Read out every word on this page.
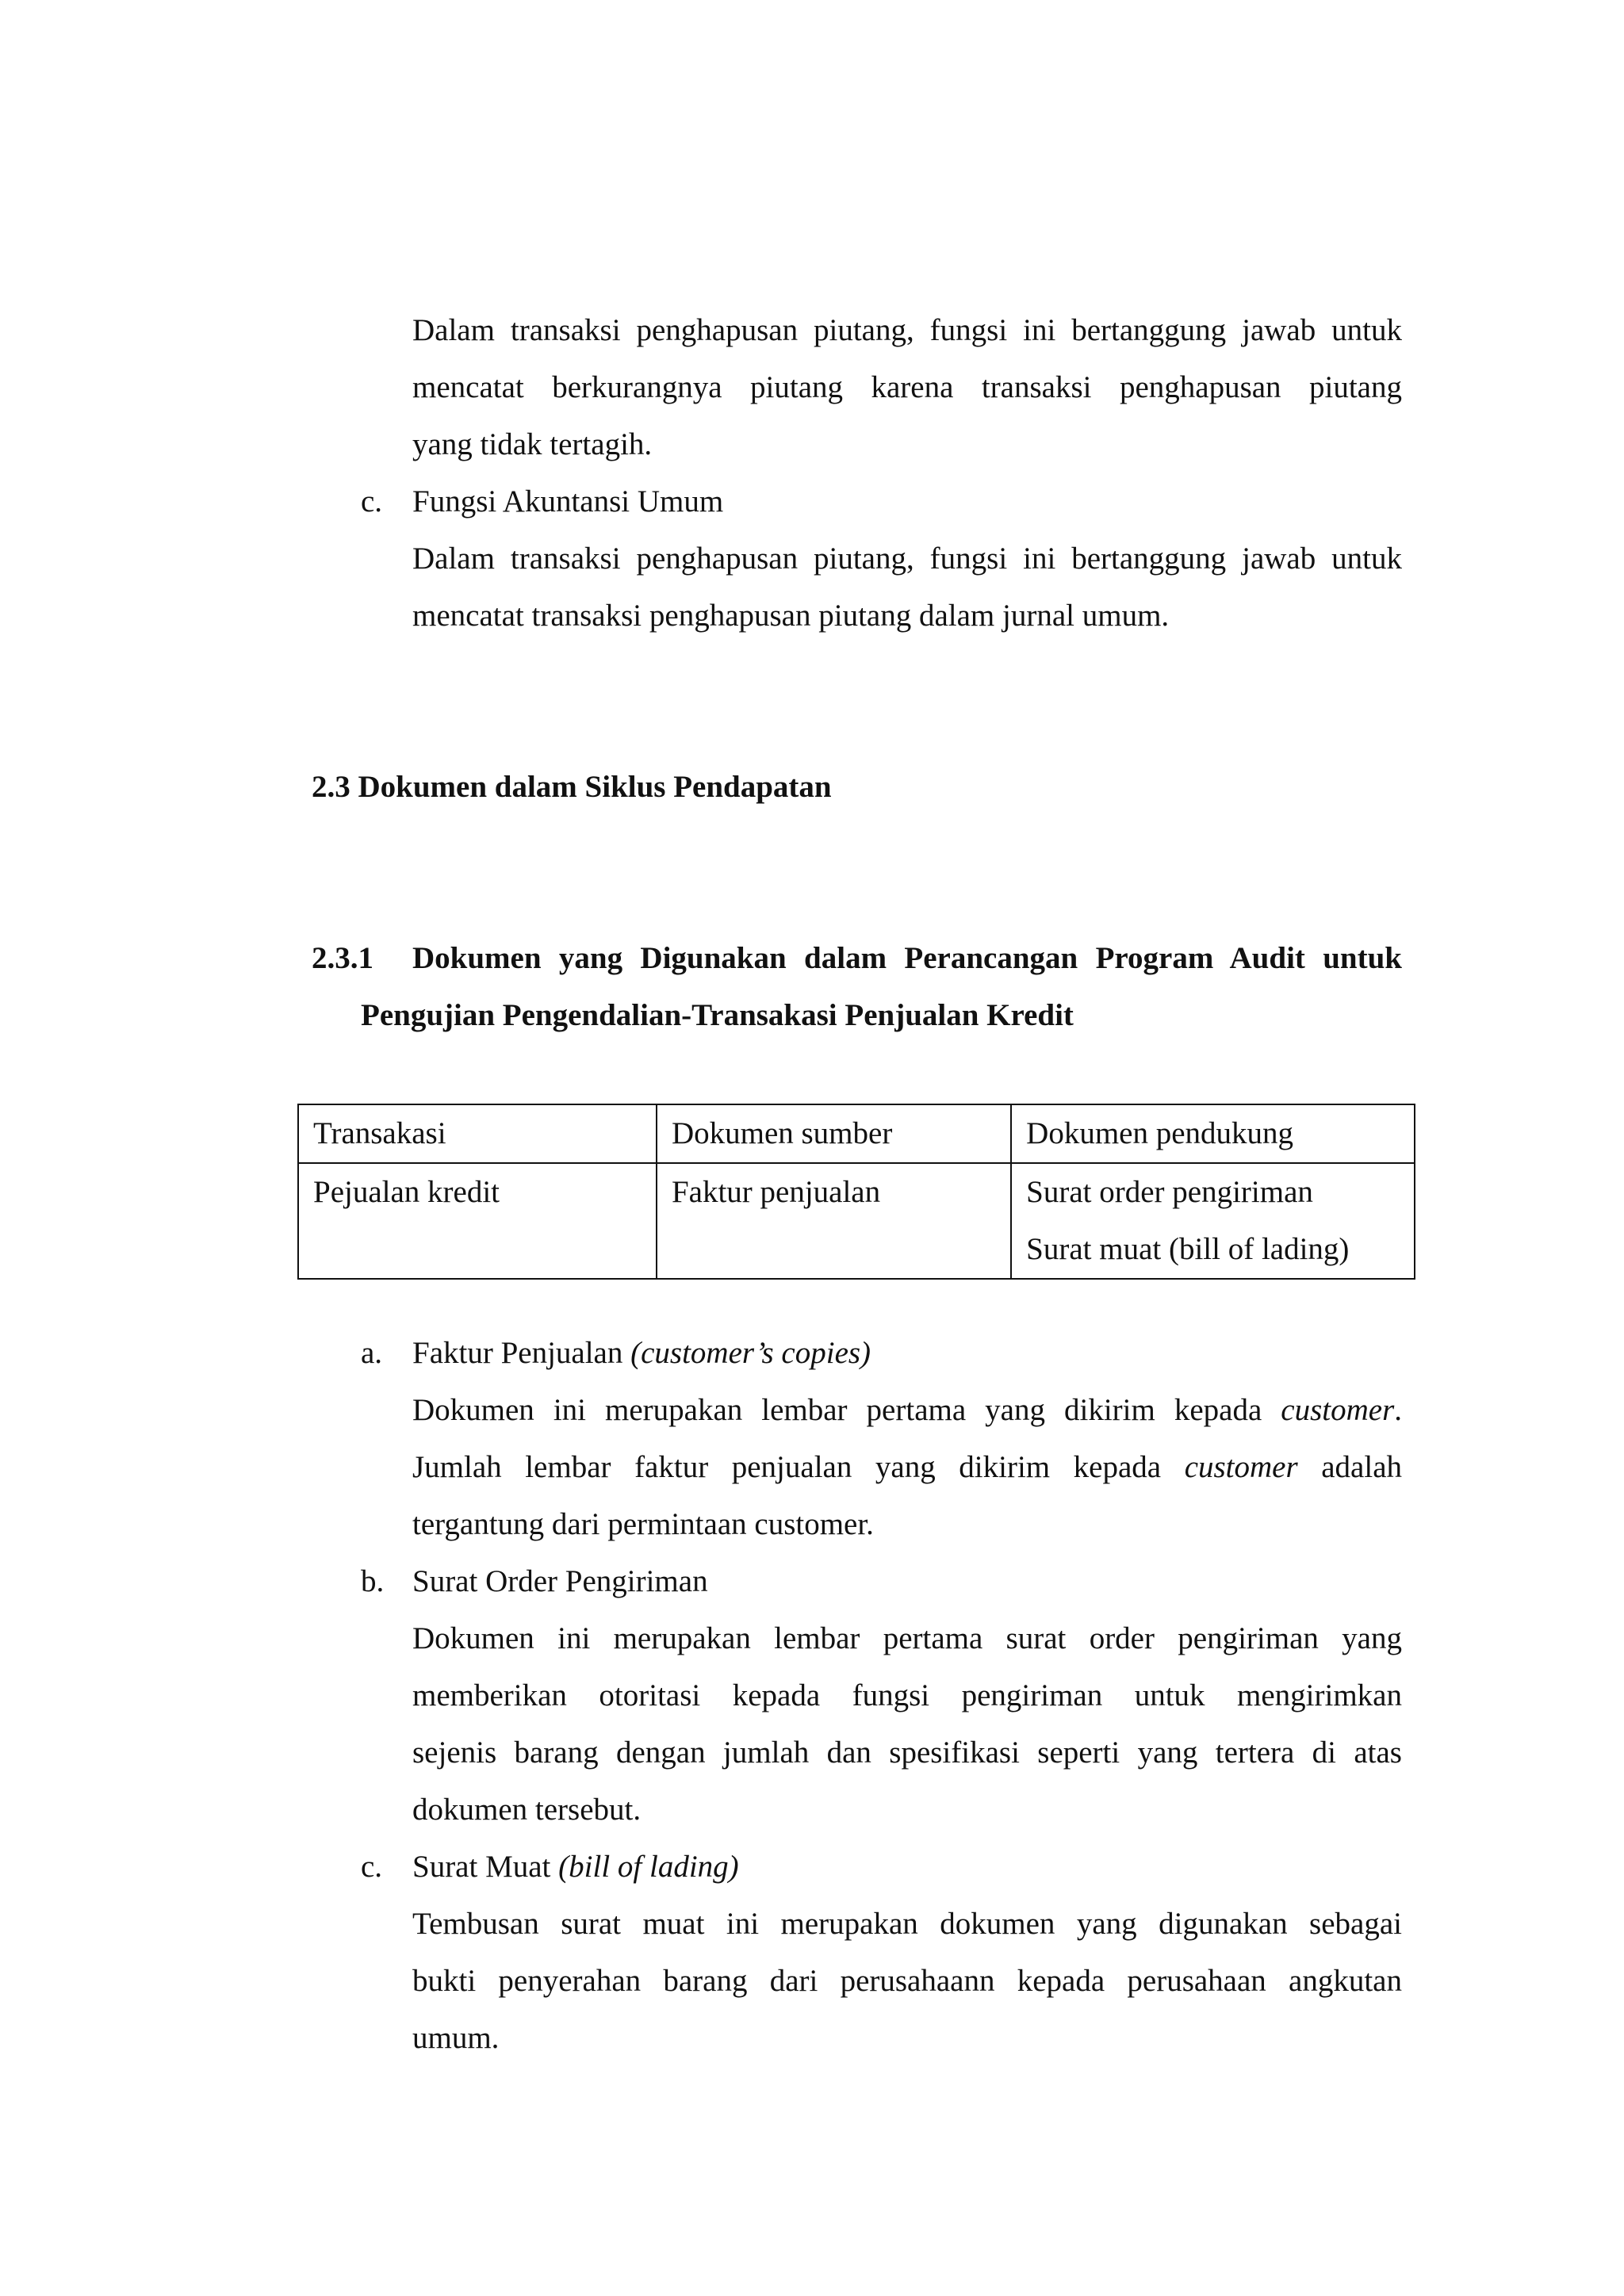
Dalam transaksi penghapusan piutang, fungsi ini bertanggung jawab untuk
mencatat berkurangnya piutang karena transaksi penghapusan piutang
yang tidak tertagih.
c. Fungsi Akuntansi Umum
Dalam transaksi penghapusan piutang, fungsi ini bertanggung jawab untuk
mencatat transaksi penghapusan piutang dalam jurnal umum.
2.3 Dokumen dalam Siklus Pendapatan
2.3.1 Dokumen yang Digunakan dalam Perancangan Program Audit untuk
Pengujian Pengendalian-Transakasi Penjualan Kredit
Transakasi	Dokumen sumber	Dokumen pendukung
Pejualan kredit	Faktur penjualan	Surat order pengiriman
Surat muat (bill of lading)
a. Faktur Penjualan (customer’s copies)
Dokumen ini merupakan lembar pertama yang dikirim kepada customer.
Jumlah lembar faktur penjualan yang dikirim kepada customer adalah
tergantung dari permintaan customer.
b. Surat Order Pengiriman
Dokumen ini merupakan lembar pertama surat order pengiriman yang
memberikan otoritasi kepada fungsi pengiriman untuk mengirimkan
sejenis barang dengan jumlah dan spesifikasi seperti yang tertera di atas
dokumen tersebut.
c. Surat Muat (bill of lading)
Tembusan surat muat ini merupakan dokumen yang digunakan sebagai
bukti penyerahan barang dari perusahaann kepada perusahaan angkutan
umum.
